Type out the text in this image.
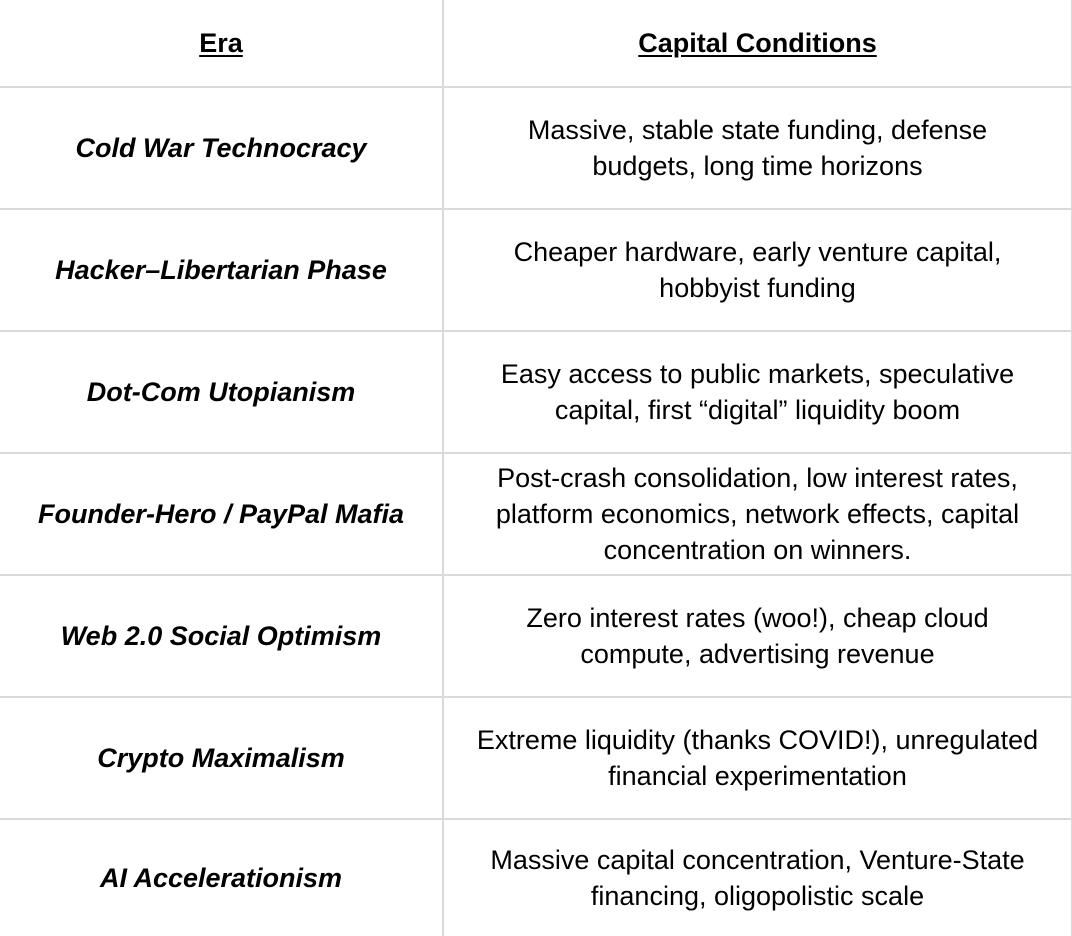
Era	Capital Conditions
Cold War Technocracy	Massive, stable state funding, defense budgets, long time horizons
Hacker–Libertarian Phase	Cheaper hardware, early venture capital, hobbyist funding
Dot-Com Utopianism	Easy access to public markets, speculative capital, first “digital” liquidity boom
Founder-Hero / PayPal Mafia	Post-crash consolidation, low interest rates, platform economics, network effects, capital concentration on winners.
Web 2.0 Social Optimism	Zero interest rates (woo!), cheap cloud compute, advertising revenue
Crypto Maximalism	Extreme liquidity (thanks COVID!), unregulated financial experimentation
AI Accelerationism	Massive capital concentration, Venture-State financing, oligopolistic scale
